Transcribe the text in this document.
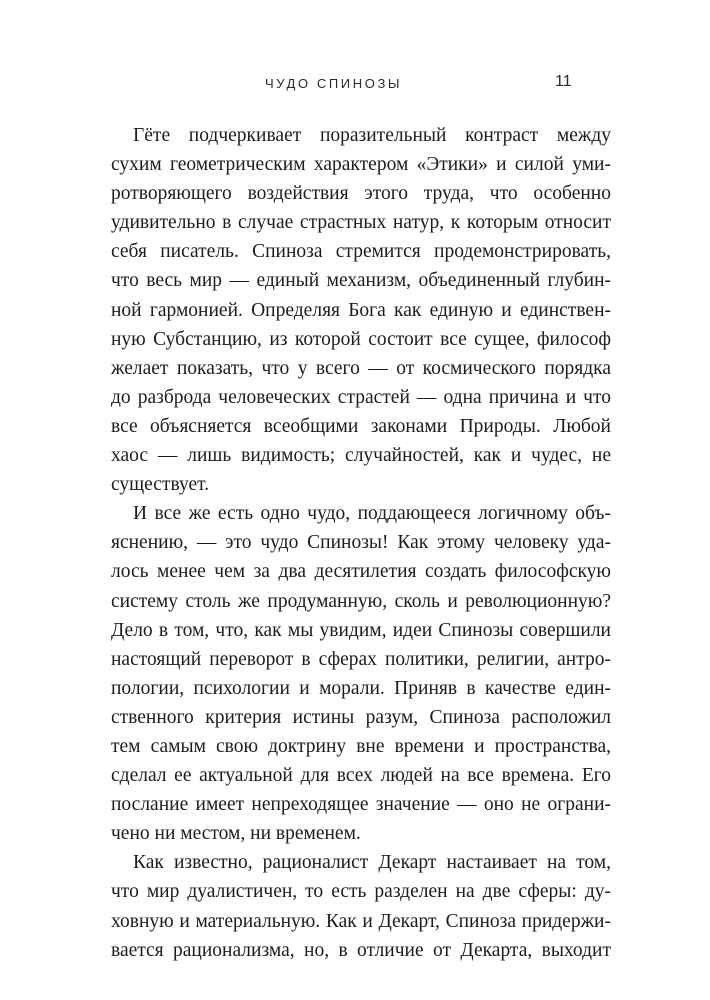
ЧУДО СПИНОЗЫ	11
Гёте подчеркивает поразительный контраст между
сухим геометрическим характером «Этики» и силой уми-
ротворяющего воздействия этого труда, что особенно
удивительно в случае страстных натур, к которым относит
себя писатель. Спиноза стремится продемонстрировать,
что весь мир — единый механизм, объединенный глубин-
ной гармонией. Определяя Бога как единую и единствен-
ную Субстанцию, из которой состоит все сущее, философ
желает показать, что у всего — от космического порядка
до разброда человеческих страстей — одна причина и что
все объясняется всеобщими законами Природы. Любой
хаос — лишь видимость; случайностей, как и чудес, не
существует.
И все же есть одно чудо, поддающееся логичному объ-
яснению, — это чудо Спинозы! Как этому человеку уда-
лось менее чем за два десятилетия создать философскую
систему столь же продуманную, сколь и революционную?
Дело в том, что, как мы увидим, идеи Спинозы совершили
настоящий переворот в сферах политики, религии, антро-
пологии, психологии и морали. Приняв в качестве един-
ственного критерия истины разум, Спиноза расположил
тем самым свою доктрину вне времени и пространства,
сделал ее актуальной для всех людей на все времена. Его
послание имеет непреходящее значение — оно не ограни-
чено ни местом, ни временем.
Как известно, рационалист Декарт настаивает на том,
что мир дуалистичен, то есть разделен на две сферы: ду-
ховную и материальную. Как и Декарт, Спиноза придержи-
вается рационализма, но, в отличие от Декарта, выходит
